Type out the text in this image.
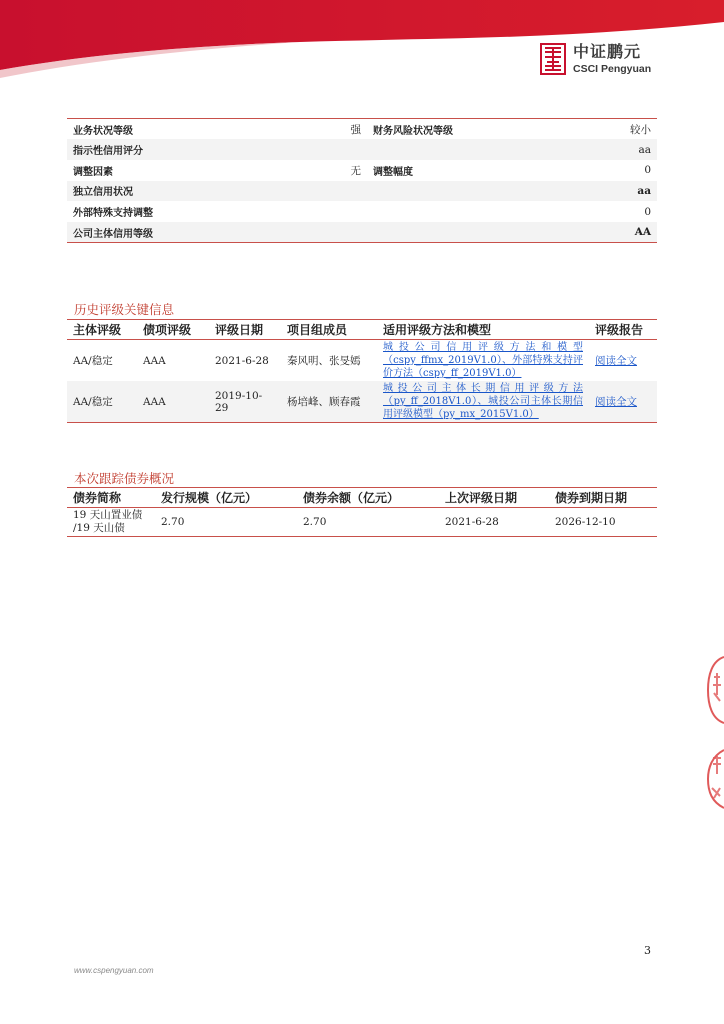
中证鹏元
CSCI Pengyuan
业务状况等级	强	财务风险状况等级	较小
指示性信用评分			aa
调整因素	无	调整幅度	0
独立信用状况			aa
外部特殊支持调整			0
公司主体信用等级			AA
历史评级关键信息
主体评级	债项评级	评级日期	项目组成员	适用评级方法和模型	评级报告
AA/稳定	AAA	2021-6-28	秦风明、张旻嫣	城投公司信用评级方法和模型（cspy_ffmx_2019V1.0）、外部特殊支持评价方法（cspy_ff_2019V1.0）	阅读全文
AA/稳定	AAA	2019-10-29	杨培峰、顾春霞	城投公司主体长期信用评级方法（py_ff_2018V1.0）、城投公司主体长期信用评级模型（py_mx_2015V1.0）	阅读全文
本次跟踪债券概况
债券简称	发行规模（亿元）	债券余额（亿元）	上次评级日期	债券到期日期

19 天山置业债
/19 天山债	2.70	2.70	2021-6-28	2026-12-10
3
www.cspengyuan.com
